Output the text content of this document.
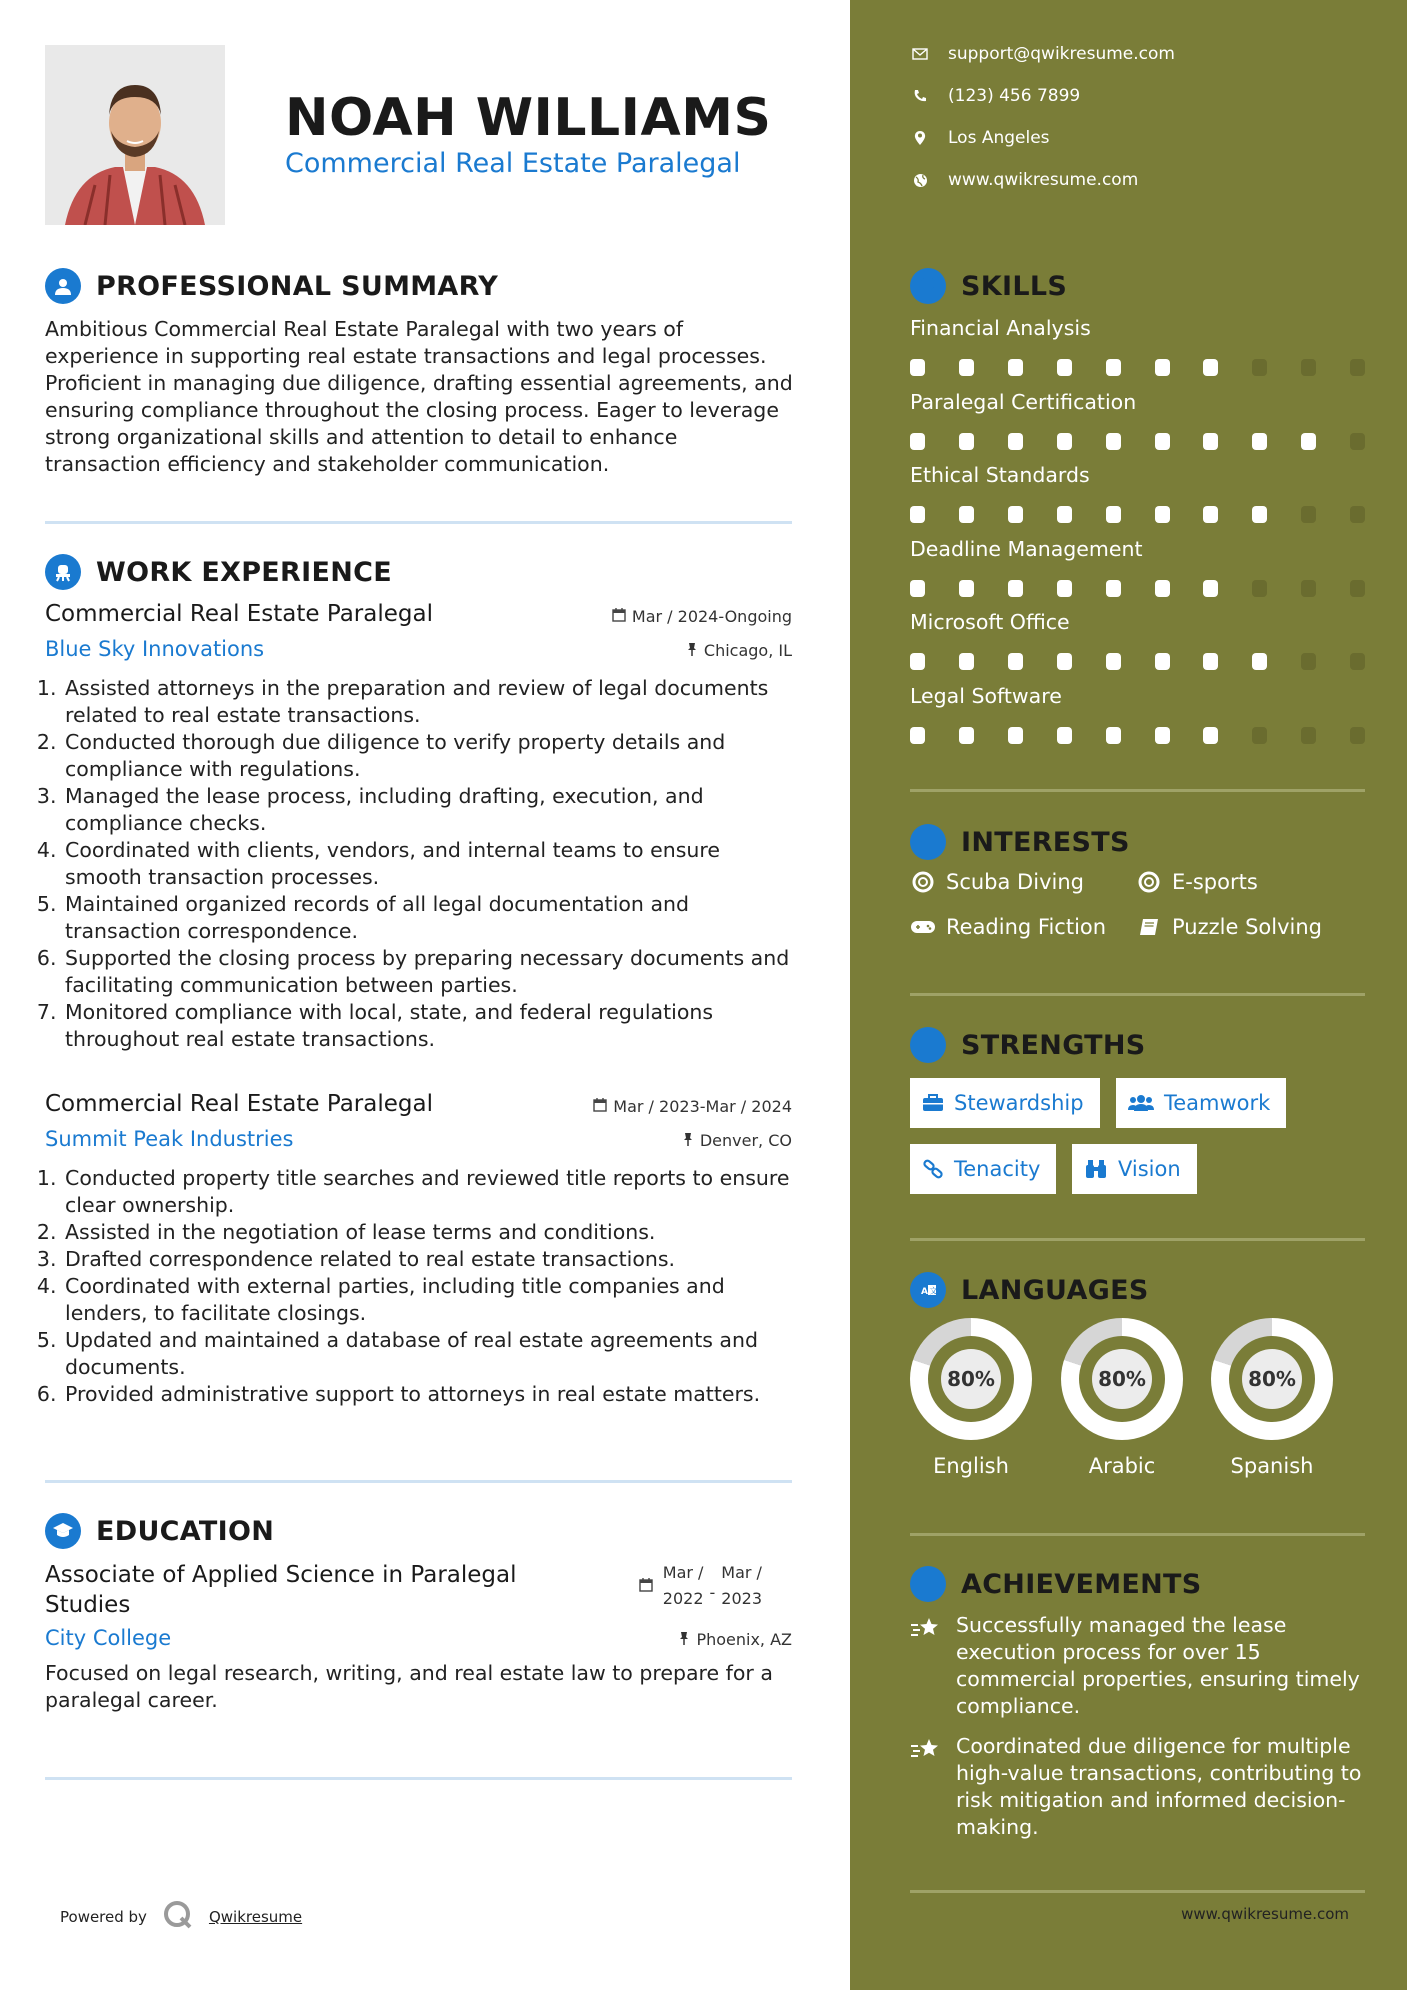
NOAH WILLIAMS
Commercial Real Estate Paralegal
PROFESSIONAL SUMMARY
Ambitious Commercial Real Estate Paralegal with two years of experience in supporting real estate transactions and legal processes. Proficient in managing due diligence, drafting essential agreements, and ensuring compliance throughout the closing process. Eager to leverage strong organizational skills and attention to detail to enhance transaction efficiency and stakeholder communication.
WORK EXPERIENCE
Commercial Real Estate Paralegal
Blue Sky Innovations
Mar / 2024-Ongoing
Chicago, IL
1. Assisted attorneys in the preparation and review of legal documents related to real estate transactions.
2. Conducted thorough due diligence to verify property details and compliance with regulations.
3. Managed the lease process, including drafting, execution, and compliance checks.
4. Coordinated with clients, vendors, and internal teams to ensure smooth transaction processes.
5. Maintained organized records of all legal documentation and transaction correspondence.
6. Supported the closing process by preparing necessary documents and facilitating communication between parties.
7. Monitored compliance with local, state, and federal regulations throughout real estate transactions.
Commercial Real Estate Paralegal
Summit Peak Industries
Mar / 2023-Mar / 2024
Denver, CO
1. Conducted property title searches and reviewed title reports to ensure clear ownership.
2. Assisted in the negotiation of lease terms and conditions.
3. Drafted correspondence related to real estate transactions.
4. Coordinated with external parties, including title companies and lenders, to facilitate closings.
5. Updated and maintained a database of real estate agreements and documents.
6. Provided administrative support to attorneys in real estate matters.
EDUCATION
Associate of Applied Science in Paralegal Studies
City College
Mar /
2022 -
Mar /
2023
Phoenix, AZ
Focused on legal research, writing, and real estate law to prepare for a paralegal career.
Powered by	Qwikresume
support@qwikresume.com
(123) 456 7899
Los Angeles
www.qwikresume.com
SKILLS
Financial Analysis
Paralegal Certification
Ethical Standards
Deadline Management
Microsoft Office
Legal Software
INTERESTS
Scuba Diving	E-sports
Reading Fiction	Puzzle Solving
STRENGTHS
Stewardship	Teamwork
Tenacity	Vision
A 文 LANGUAGES
80%
English
80%
Arabic
80%
Spanish
ACHIEVEMENTS
Successfully managed the lease execution process for over 15 commercial properties, ensuring timely compliance.
Coordinated due diligence for multiple high-value transactions, contributing to risk mitigation and informed decision-making.
www.qwikresume.com
